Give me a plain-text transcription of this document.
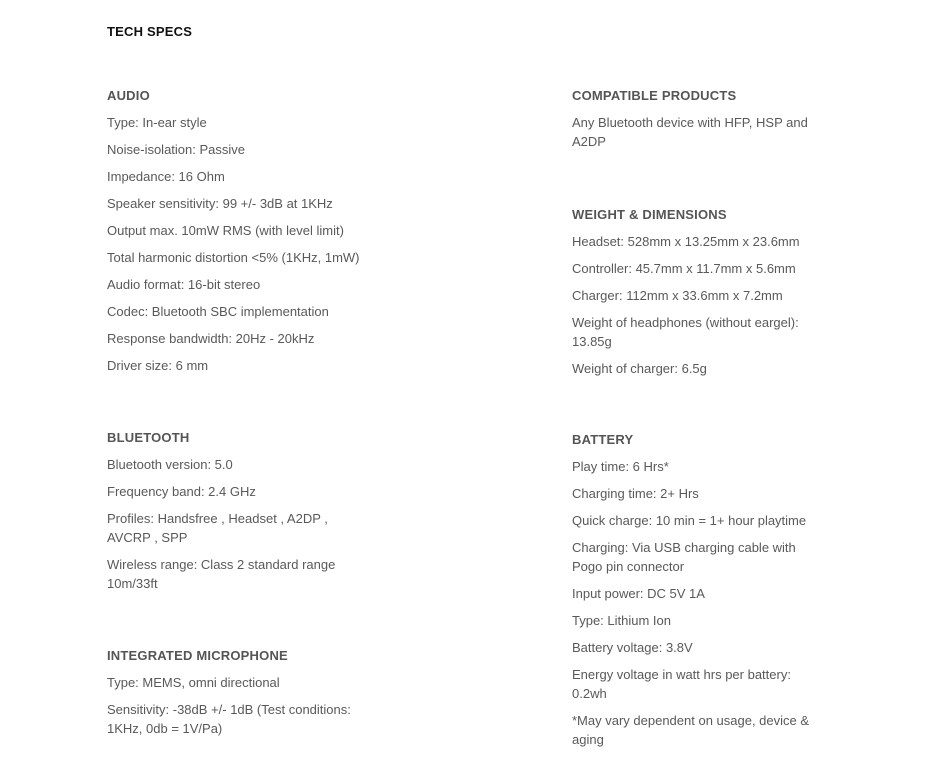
TECH SPECS
AUDIO
Type: In-ear style
Noise-isolation: Passive
Impedance: 16 Ohm
Speaker sensitivity: 99 +/- 3dB at 1KHz
Output max. 10mW RMS (with level limit)
Total harmonic distortion <5% (1KHz, 1mW)
Audio format: 16-bit stereo
Codec: Bluetooth SBC implementation
Response bandwidth: 20Hz - 20kHz
Driver size: 6 mm
BLUETOOTH
Bluetooth version: 5.0
Frequency band: 2.4 GHz
Profiles: Handsfree , Headset , A2DP , AVCRP , SPP
Wireless range: Class 2 standard range 10m/33ft
INTEGRATED MICROPHONE
Type: MEMS, omni directional
Sensitivity: -38dB +/- 1dB (Test conditions: 1KHz, 0db = 1V/Pa)
COMPATIBLE PRODUCTS
Any Bluetooth device with HFP, HSP and A2DP
WEIGHT & DIMENSIONS
Headset: 528mm x 13.25mm x 23.6mm
Controller: 45.7mm x 11.7mm x 5.6mm
Charger: 112mm x 33.6mm x 7.2mm
Weight of headphones (without eargel): 13.85g
Weight of charger: 6.5g
BATTERY
Play time: 6 Hrs*
Charging time: 2+ Hrs
Quick charge: 10 min = 1+ hour playtime
Charging: Via USB charging cable with Pogo pin connector
Input power: DC 5V 1A
Type: Lithium Ion
Battery voltage: 3.8V
Energy voltage in watt hrs per battery: 0.2wh
*May vary dependent on usage, device & aging
